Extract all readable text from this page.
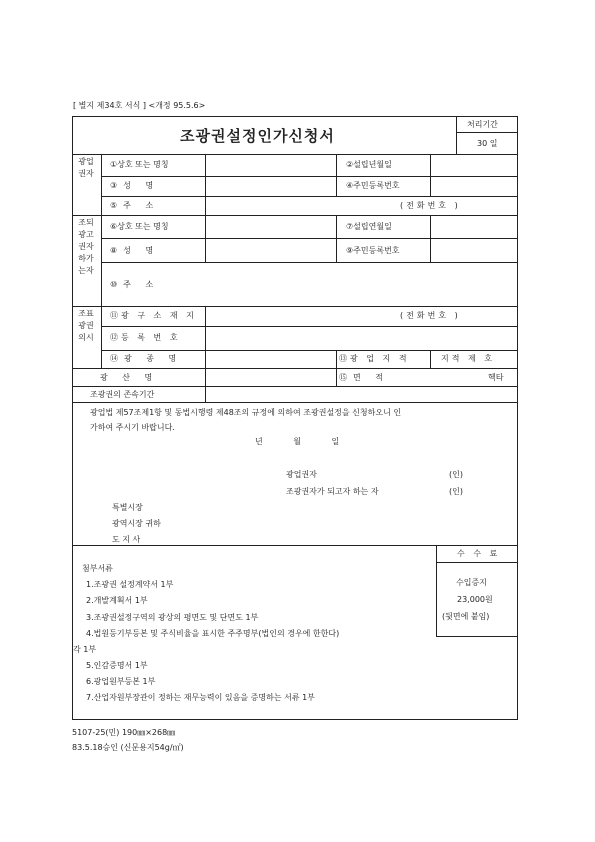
[ 별지 제34호 서식 ] <개정 95.5.6>
조광권설정인가신청서
처리기간
30 일
광업권자
①상호 또는 명칭	②설립년월일
③성 명	④주민등록번호
⑤주 소	(전화번호 )
조되광고권자하가는자
⑥상호 또는 명칭	⑦설립연월일
⑧성 명	⑨주민등록번호
⑩주 소
조표광권의시
⑪광 구 소 재 지	(전화번호 )
⑫등 록 번 호
⑭광 종 명	⑬광 업 지 적	지적 제 호
광 산 명	⑮면 적	헥타
조광권의 존속기간
광업법 제57조제1항 및 동법시행령 제48조의 규정에 의하여 조광권설정을 신청하오니 인
가하여 주시기 바랍니다.
년 월 일
광업권자	(인)
조광권자가 되고자 하는 자	(인)
특별시장
광역시장 귀하
도 지 사
수 수 료
수입증지
23,000원
(뒷면에 붙임)
첨부서류
1.조광권 설정계약서 1부
2.개발계획서 1부
3.조광권설정구역의 광상의 평면도 및 단면도 1부
4.법원등기부등본 및 주식비율을 표시한 주주명부(법인의 경우에 한한다)
각 1부
5.인감증명서 1부
6.광업원부등본 1부
7.산업자원부장관이 정하는 재무능력이 있음을 증명하는 서류 1부
5107-25(민) 190㎜×268㎜
83.5.18승인 (신문용지54g/㎡)
